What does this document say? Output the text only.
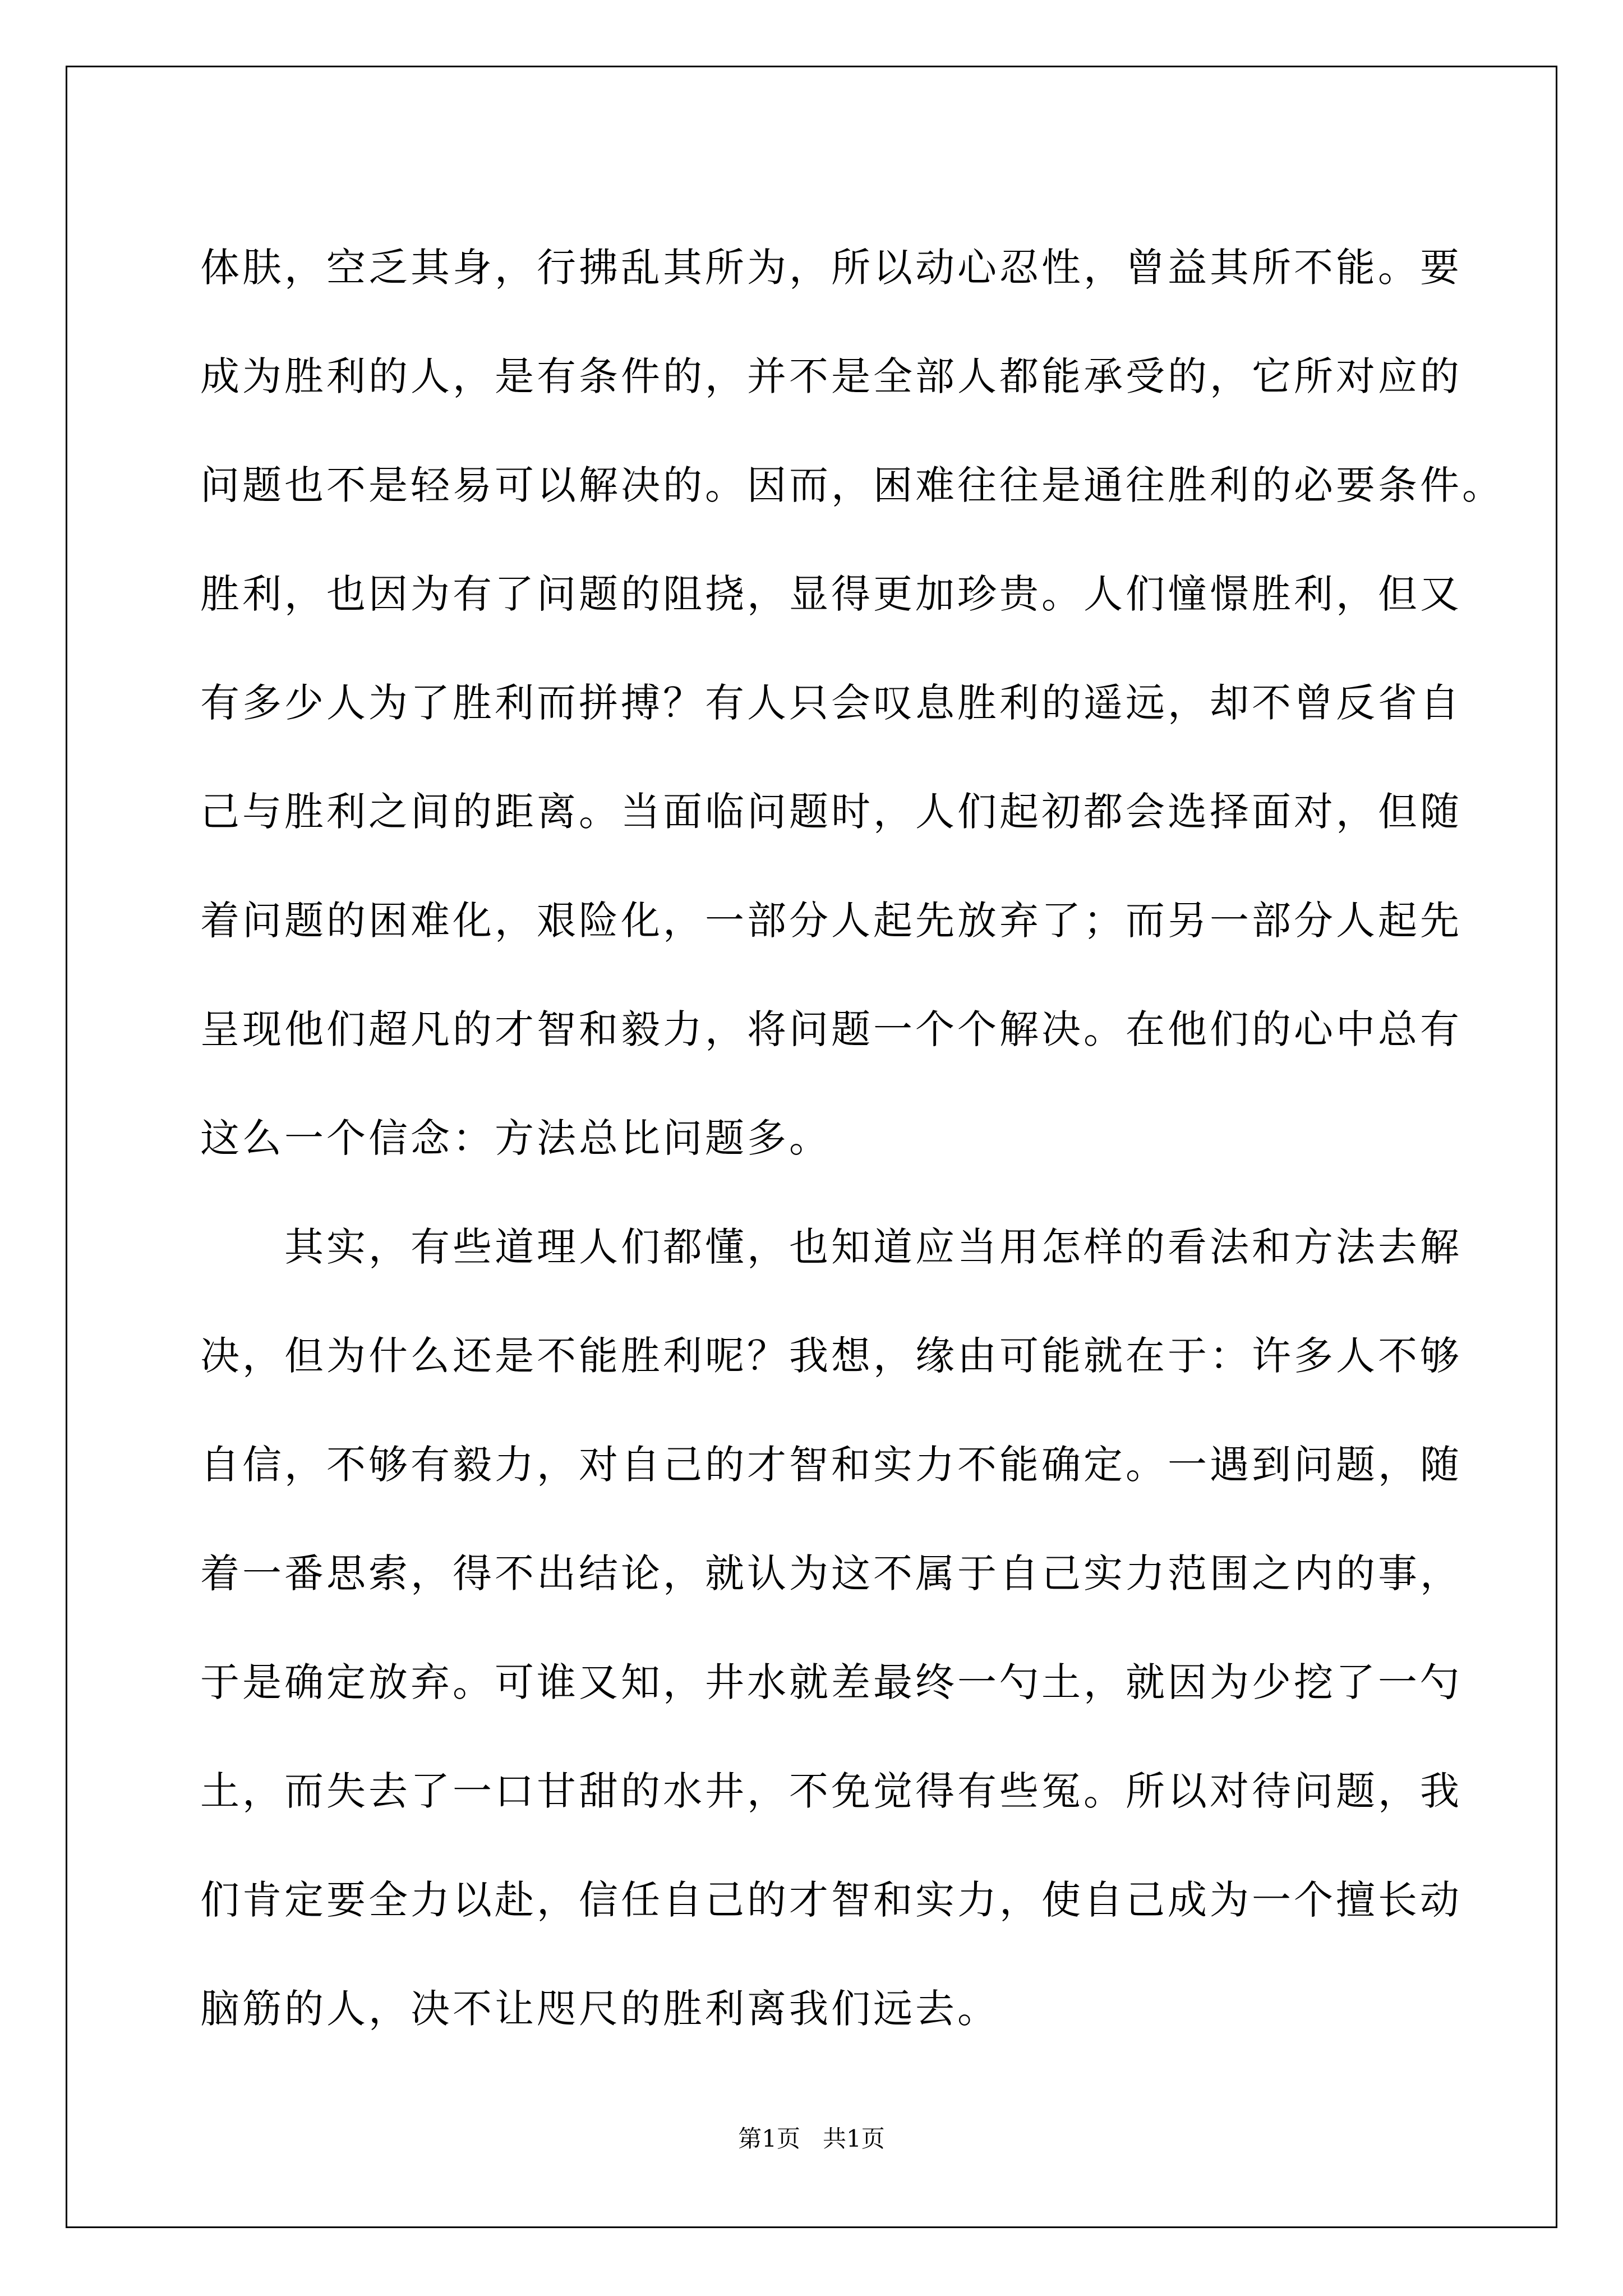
体肤，空乏其身，行拂乱其所为，所以动心忍性，曾益其所不能。要
成为胜利的人，是有条件的，并不是全部人都能承受的，它所对应的
问题也不是轻易可以解决的。因而，困难往往是通往胜利的必要条件。
胜利，也因为有了问题的阻挠，显得更加珍贵。人们憧憬胜利，但又
有多少人为了胜利而拼搏？有人只会叹息胜利的遥远，却不曾反省自
己与胜利之间的距离。当面临问题时，人们起初都会选择面对，但随
着问题的困难化，艰险化，一部分人起先放弃了；而另一部分人起先
呈现他们超凡的才智和毅力，将问题一个个解决。在他们的心中总有
这么一个信念：方法总比问题多。

　　其实，有些道理人们都懂，也知道应当用怎样的看法和方法去解
决，但为什么还是不能胜利呢？我想，缘由可能就在于：许多人不够
自信，不够有毅力，对自己的才智和实力不能确定。一遇到问题，随
着一番思索，得不出结论，就认为这不属于自己实力范围之内的事，
于是确定放弃。可谁又知，井水就差最终一勺土，就因为少挖了一勺
土，而失去了一口甘甜的水井，不免觉得有些冤。所以对待问题，我
们肯定要全力以赴，信任自己的才智和实力，使自己成为一个擅长动
脑筋的人，决不让咫尺的胜利离我们远去。

第1页 共1页
